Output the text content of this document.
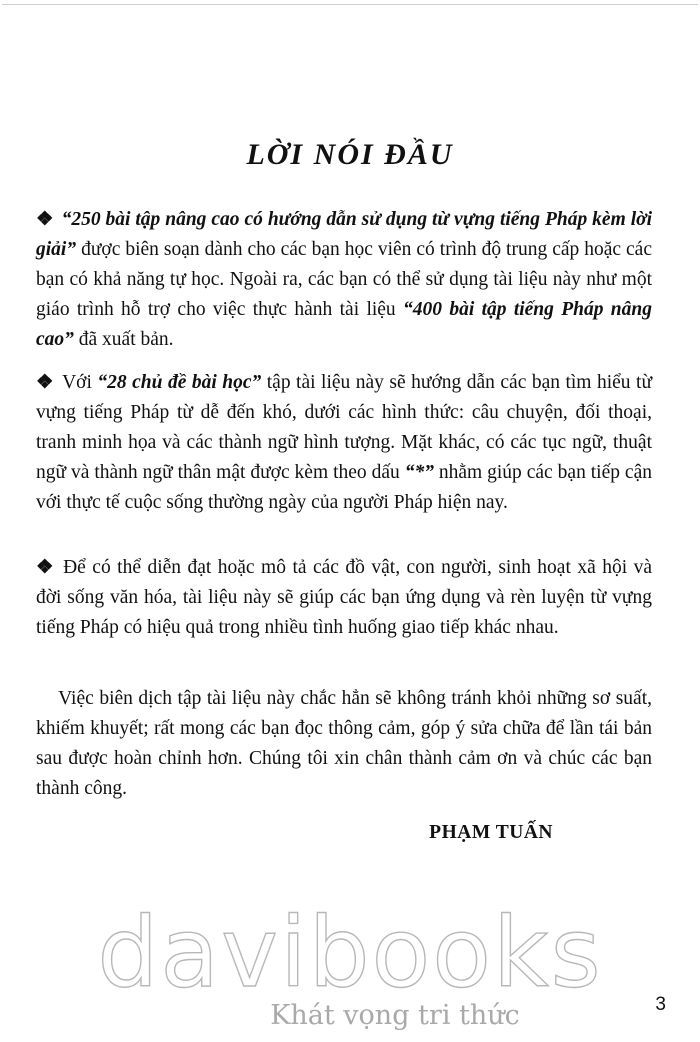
LỜI NÓI ĐẦU
❖ “250 bài tập nâng cao có hướng dẫn sử dụng từ vựng tiếng Pháp kèm lời giải” được biên soạn dành cho các bạn học viên có trình độ trung cấp hoặc các bạn có khả năng tự học. Ngoài ra, các bạn có thể sử dụng tài liệu này như một giáo trình hỗ trợ cho việc thực hành tài liệu “400 bài tập tiếng Pháp nâng cao” đã xuất bản.
❖ Với “28 chủ đề bài học” tập tài liệu này sẽ hướng dẫn các bạn tìm hiểu từ vựng tiếng Pháp từ dễ đến khó, dưới các hình thức: câu chuyện, đối thoại, tranh minh họa và các thành ngữ hình tượng. Mặt khác, có các tục ngữ, thuật ngữ và thành ngữ thân mật được kèm theo dấu “*” nhằm giúp các bạn tiếp cận với thực tế cuộc sống thường ngày của người Pháp hiện nay.
❖ Để có thể diễn đạt hoặc mô tả các đồ vật, con người, sinh hoạt xã hội và đời sống văn hóa, tài liệu này sẽ giúp các bạn ứng dụng và rèn luyện từ vựng tiếng Pháp có hiệu quả trong nhiều tình huống giao tiếp khác nhau.
Việc biên dịch tập tài liệu này chắc hẳn sẽ không tránh khỏi những sơ suất, khiếm khuyết; rất mong các bạn đọc thông cảm, góp ý sửa chữa để lần tái bản sau được hoàn chỉnh hơn. Chúng tôi xin chân thành cảm ơn và chúc các bạn thành công.
PHẠM TUẤN
davibooks
Khát vọng tri thức	3
